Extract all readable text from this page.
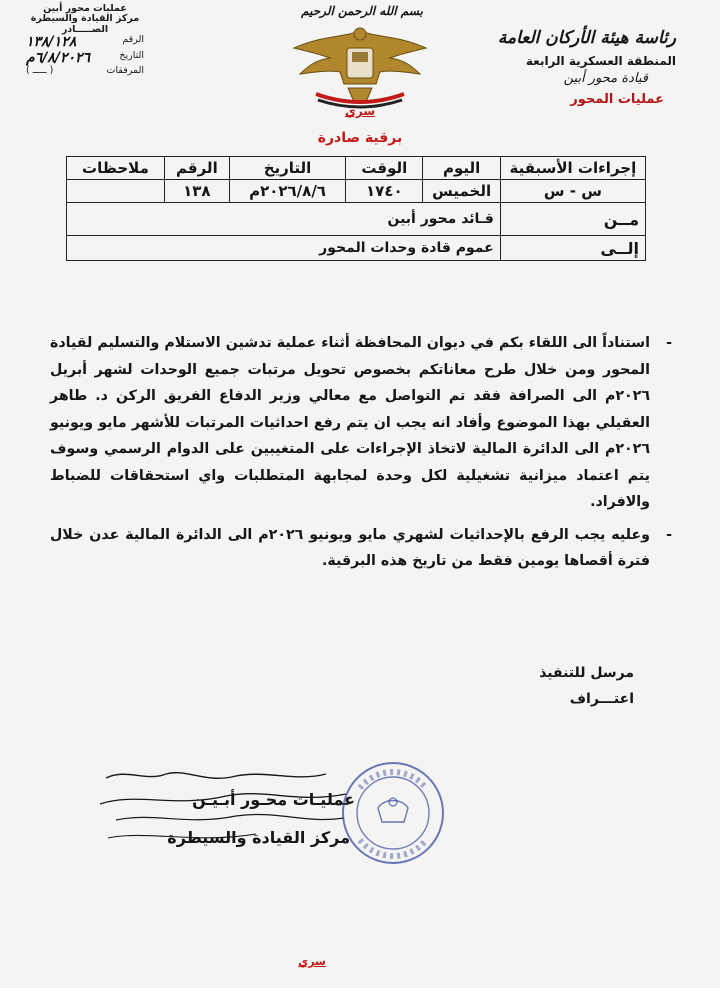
رئاسة هيئة الأركان العامة
المنطقة العسكرية الرابعة
قيادة محور أبين
عمليات المحور
عمليات محور أبين
مركز القيادة والسيطرة
الصـــــادر
الرقم
١٣٨/١٢٨
التاريخ
٦/٨/٢٠٢٦م
المرفقات
( ـــــ )
بسم الله الرحمن الرحيم
سري
برقية صادرة
إجراءات الأسبقية	اليوم	الوقت	التاريخ	الرقم	ملاحظات
س - س	الخميس	١٧٤٠	٢٠٢٦/٨/٦م	١٣٨	
مــن	قـائد محور أبين				
إلــى	عموم قادة وحدات المحور				
-
استناداً الى اللقاء بكم في ديوان المحافظة أثناء عملية تدشين الاستلام والتسليم لقيادة المحور ومن خلال طرح معاناتكم بخصوص تحويل مرتبات جميع الوحدات لشهر أبريل ٢٠٢٦م الى الصرافة فقد تم التواصل مع معالي وزير الدفاع الفريق الركن د. طاهر العقيلي بهذا الموضوع وأفاد انه يجب ان يتم رفع احداثيات المرتبات للأشهر مايو ويونيو ٢٠٢٦م الى الدائرة المالية لاتخاذ الإجراءات على المتغيبين على الدوام الرسمي وسوف يتم اعتماد ميزانية تشغيلية لكل وحدة لمجابهة المتطلبات واي استحقاقات للضباط والافراد.
-
وعليه يجب الرفع بالإحداثيات لشهري مايو ويونيو ٢٠٢٦م الى الدائرة المالية عدن خلال فترة أقصاها يومين فقط من تاريخ هذه البرقية.
مرسل للتنفيذ
اعتـــراف
عمليـات محـور أبـيـن
مركز القيادة والسيطرة
سري
